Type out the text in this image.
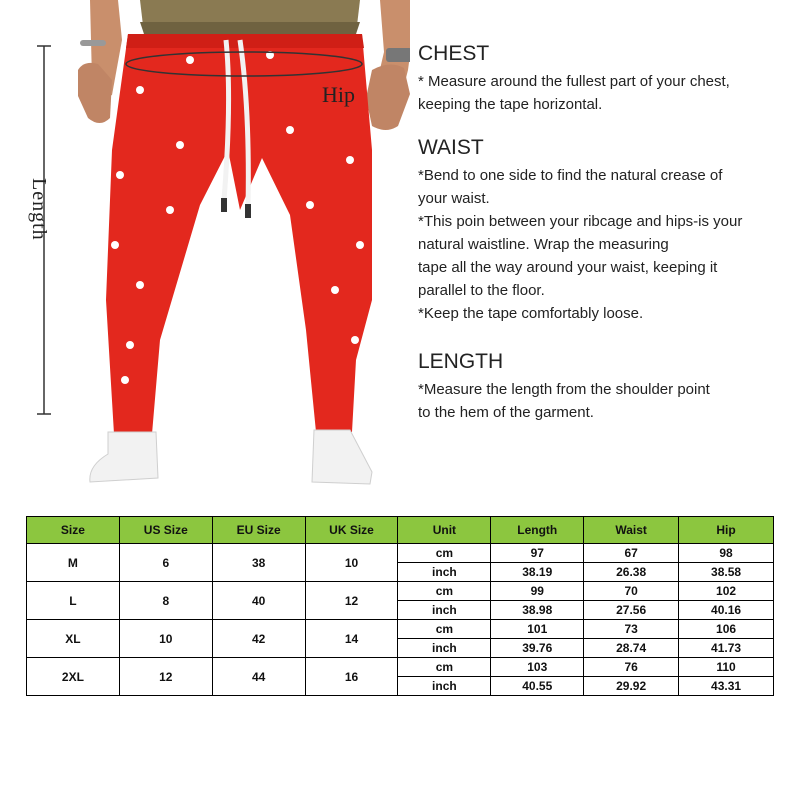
Length
Hip
CHEST

* Measure around the fullest part of your chest,

keeping the tape horizontal.

WAIST

*Bend to one side to find the natural crease of

your waist.

*This poin between your ribcage and hips-is your

natural waistline. Wrap the measuring

tape all the way around your waist, keeping it

parallel to the floor.

*Keep the tape comfortably loose.

LENGTH

*Measure the length from the shoulder point

to the hem of the garment.

Size	US Size	EU Size	UK Size	Unit	Length	Waist	Hip
M	6	38	10	cm	97	67	98
				inch	38.19	26.38	38.58
L	8	40	12	cm	99	70	102
				inch	38.98	27.56	40.16
XL	10	42	14	cm	101	73	106
				inch	39.76	28.74	41.73
2XL	12	44	16	cm	103	76	110
				inch	40.55	29.92	43.31
